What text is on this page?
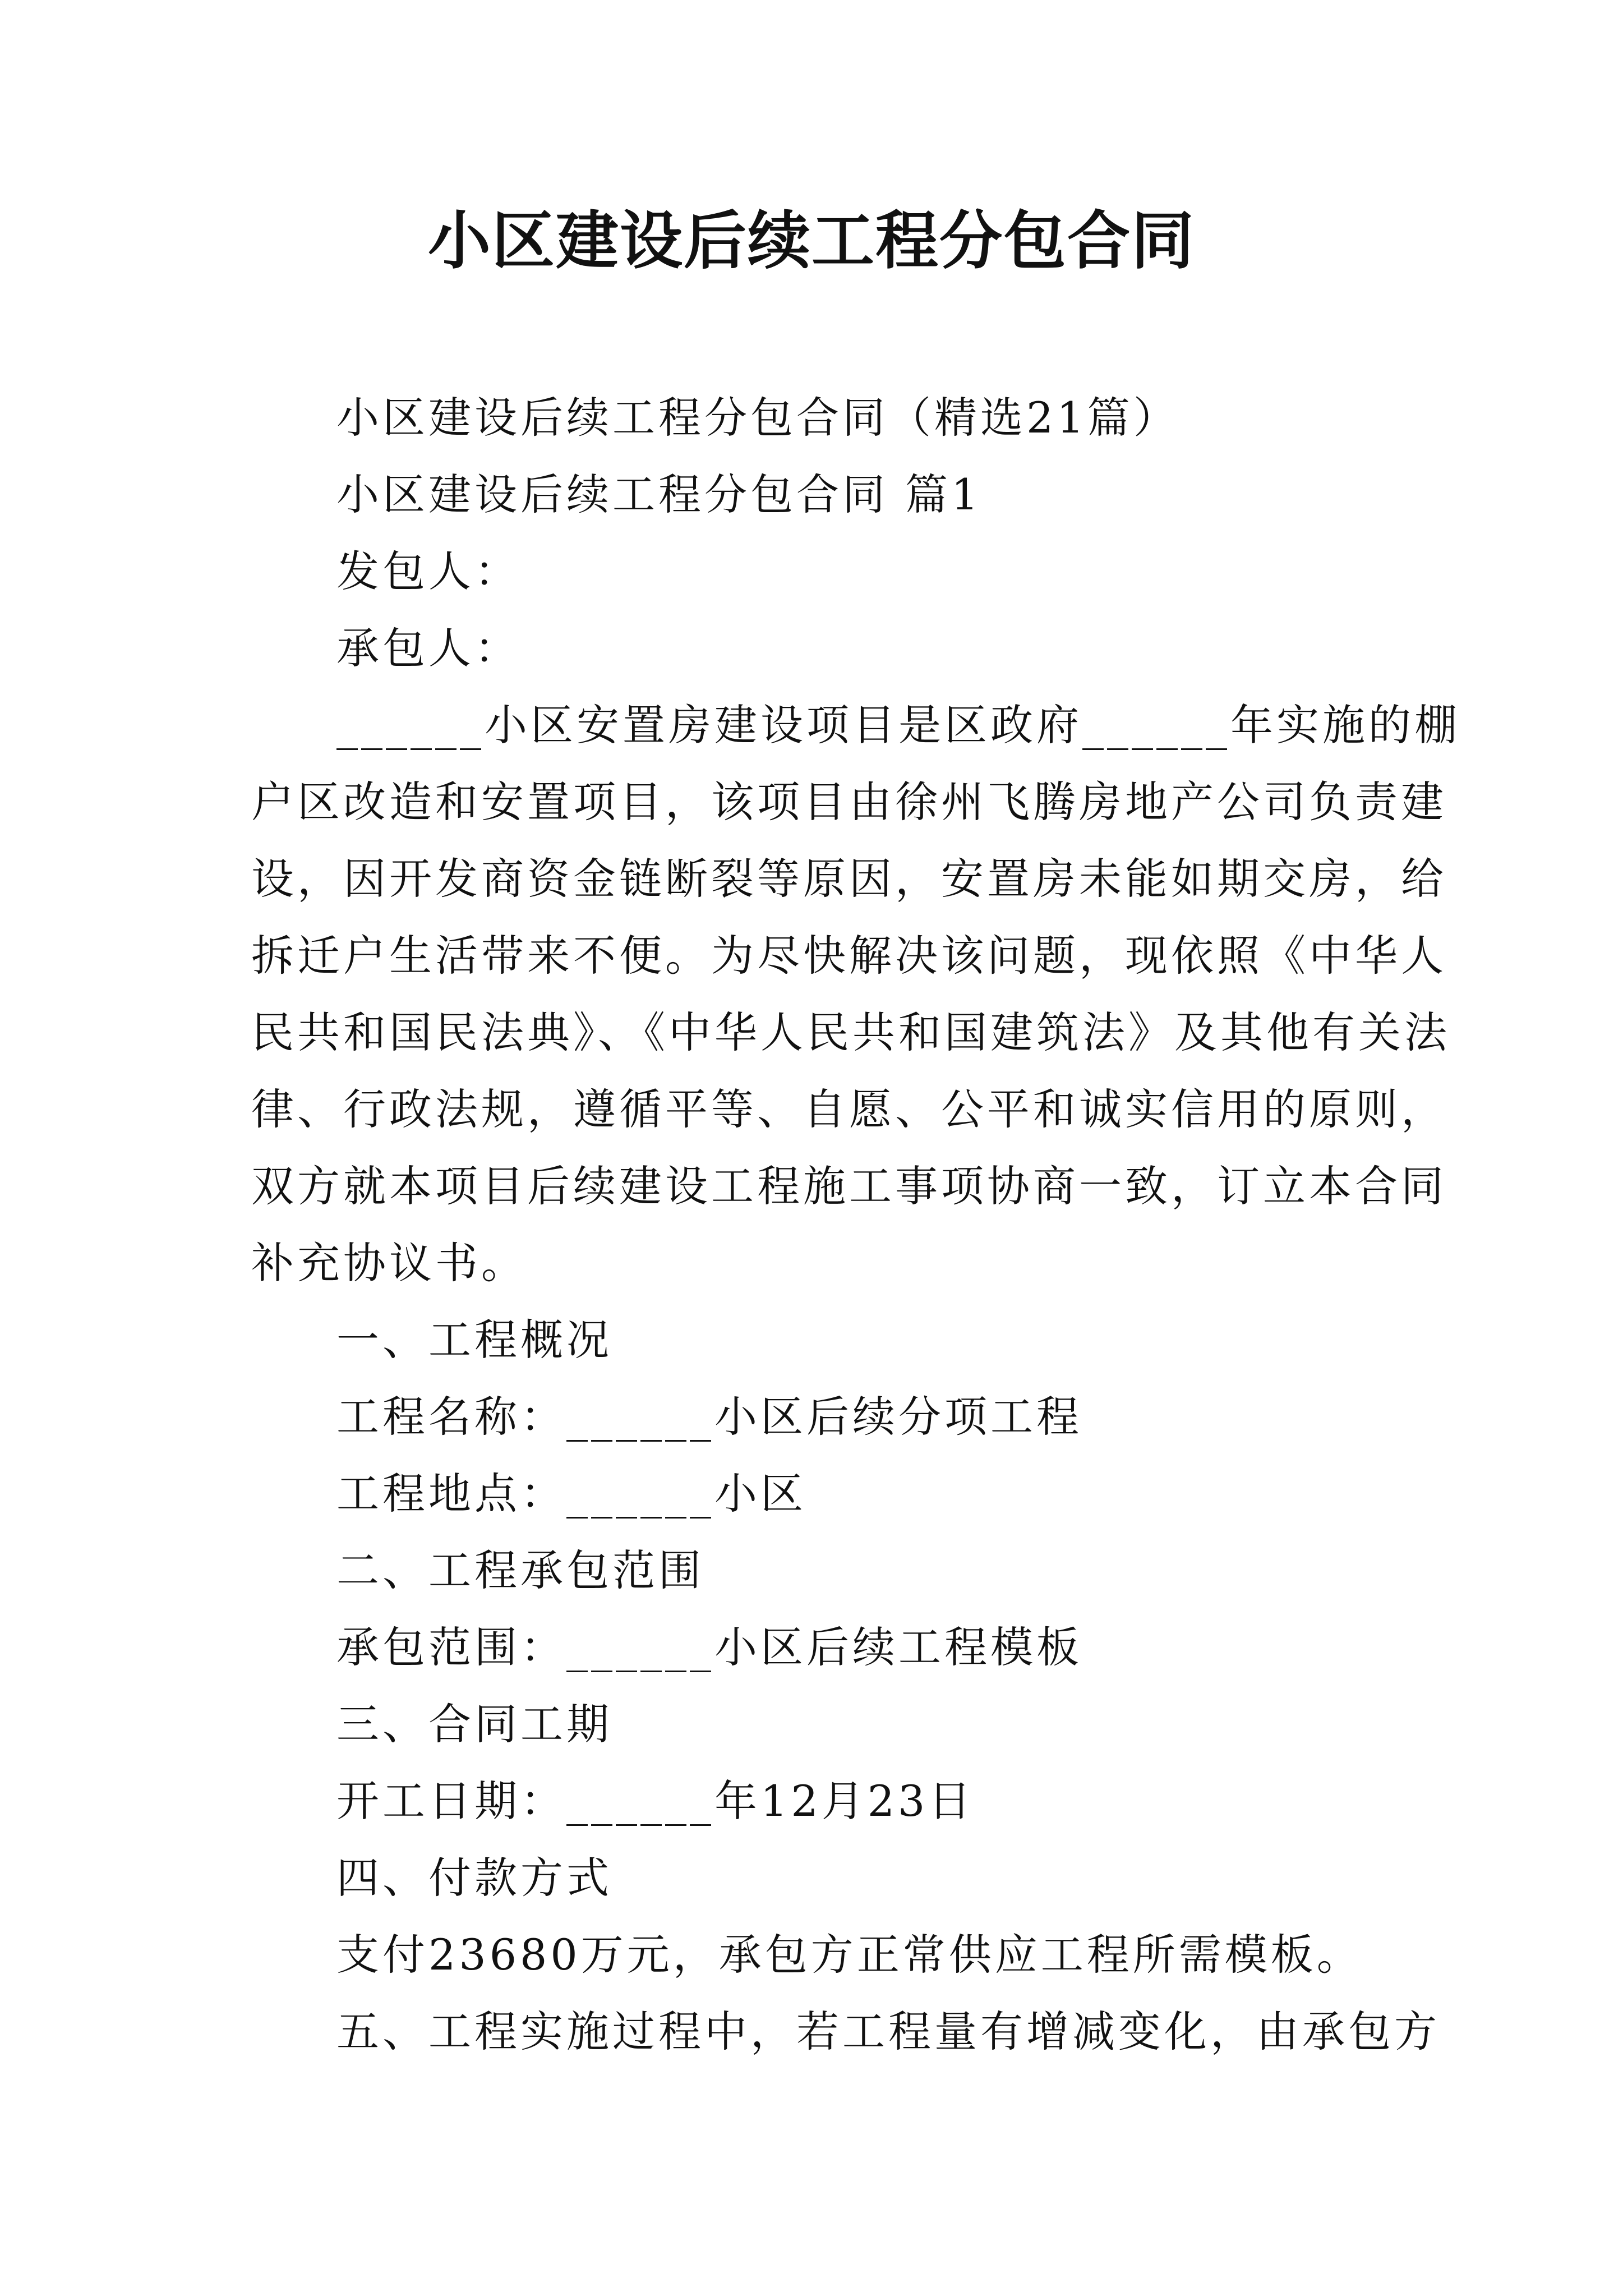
小区建设后续工程分包合同
小区建设后续工程分包合同（精选21篇）
小区建设后续工程分包合同 篇1
发包人：
承包人：
______小区安置房建设项目是区政府______年实施的棚
户区改造和安置项目，该项目由徐州飞腾房地产公司负责建
设，因开发商资金链断裂等原因，安置房未能如期交房，给
拆迁户生活带来不便。为尽快解决该问题，现依照《中华人
民共和国民法典》、《中华人民共和国建筑法》及其他有关法
律、行政法规，遵循平等、自愿、公平和诚实信用的原则，
双方就本项目后续建设工程施工事项协商一致，订立本合同
补充协议书。
一、工程概况
工程名称：______小区后续分项工程
工程地点：______小区
二、工程承包范围
承包范围：______小区后续工程模板
三、合同工期
开工日期：______年12月23日
四、付款方式
支付23680万元，承包方正常供应工程所需模板。
五、工程实施过程中，若工程量有增减变化，由承包方
